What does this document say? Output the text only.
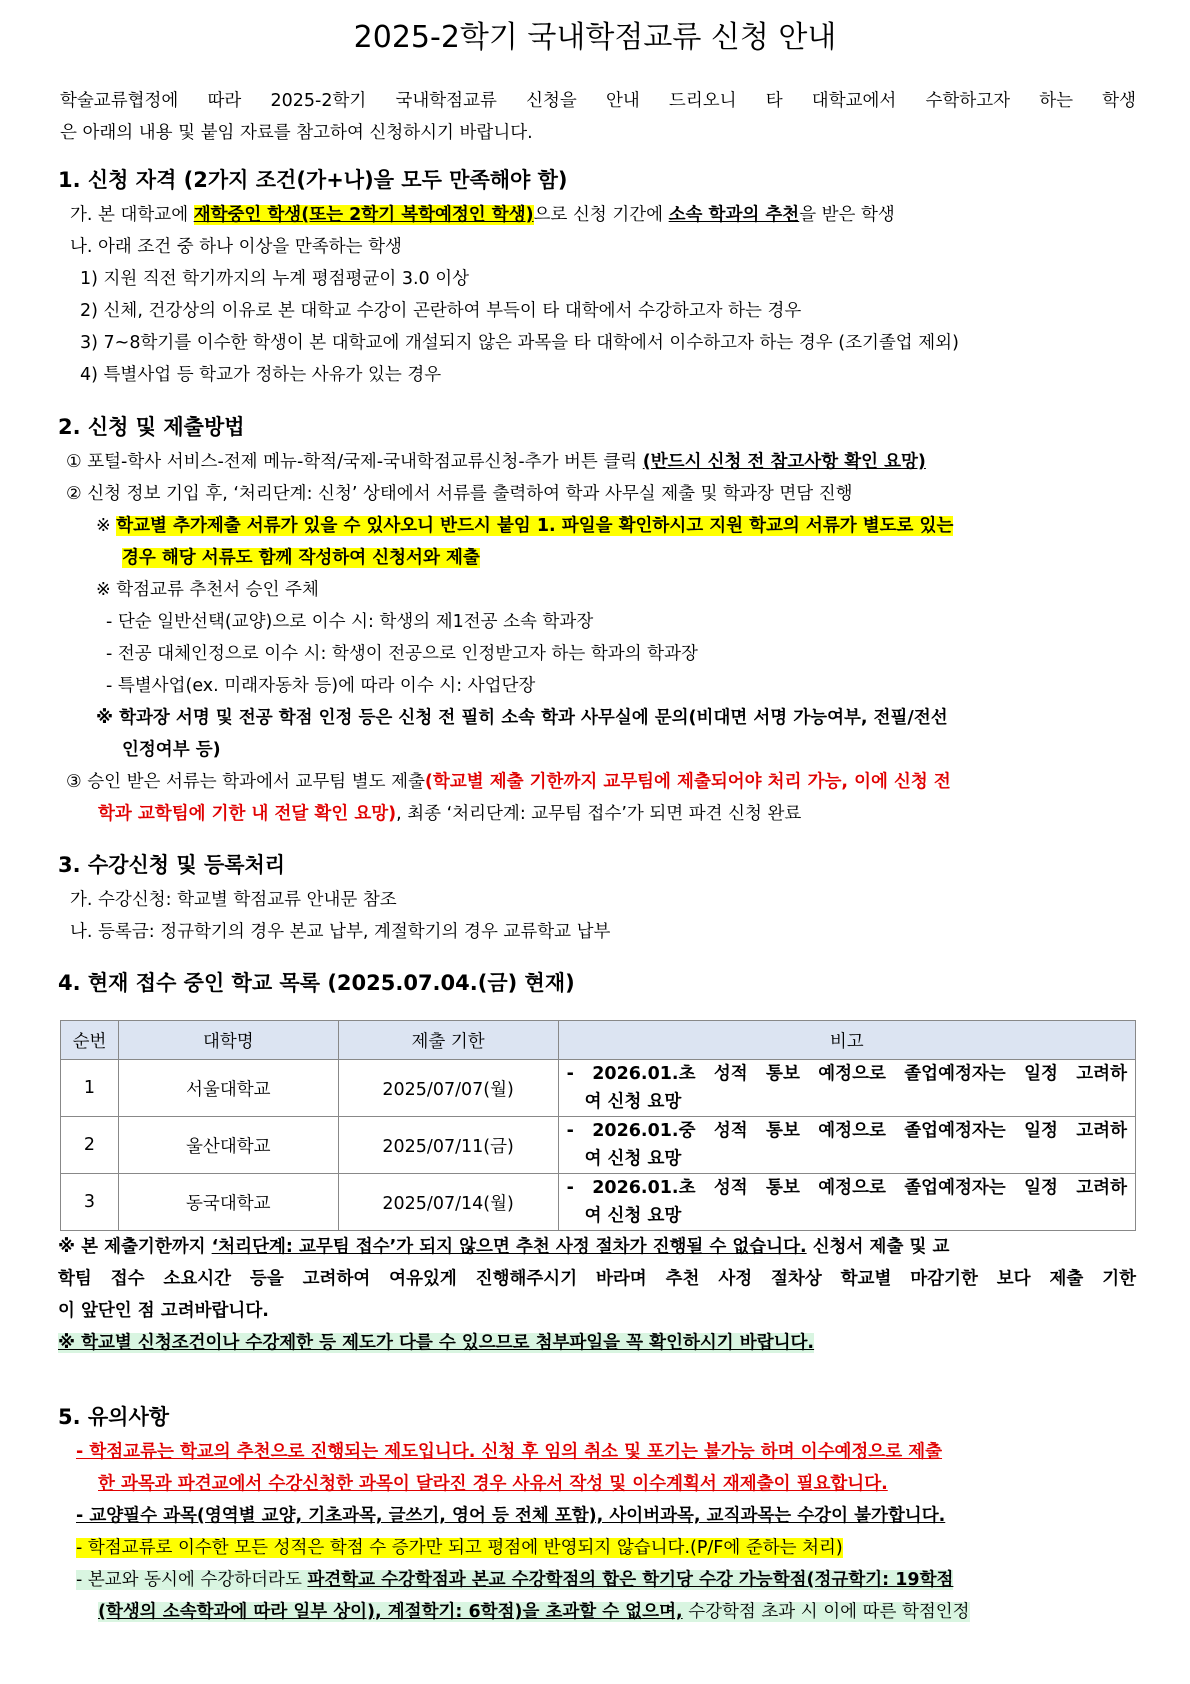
2025-2학기 국내학점교류 신청 안내
학술교류협정에 따라 2025-2학기 국내학점교류 신청을 안내 드리오니 타 대학교에서 수학하고자 하는 학생
은 아래의 내용 및 붙임 자료를 참고하여 신청하시기 바랍니다.
1. 신청 자격 (2가지 조건(가+나)을 모두 만족해야 함)
가. 본 대학교에 재학중인 학생(또는 2학기 복학예정인 학생)으로 신청 기간에 소속 학과의 추천을 받은 학생
나. 아래 조건 중 하나 이상을 만족하는 학생
1) 지원 직전 학기까지의 누계 평점평균이 3.0 이상
2) 신체, 건강상의 이유로 본 대학교 수강이 곤란하여 부득이 타 대학에서 수강하고자 하는 경우
3) 7~8학기를 이수한 학생이 본 대학교에 개설되지 않은 과목을 타 대학에서 이수하고자 하는 경우 (조기졸업 제외)
4) 특별사업 등 학교가 정하는 사유가 있는 경우
2. 신청 및 제출방법
① 포털-학사 서비스-전제 메뉴-학적/국제-국내학점교류신청-추가 버튼 클릭 (반드시 신청 전 참고사항 확인 요망)
② 신청 정보 기입 후, ‘처리단계: 신청’ 상태에서 서류를 출력하여 학과 사무실 제출 및 학과장 면담 진행
※ 학교별 추가제출 서류가 있을 수 있사오니 반드시 붙임 1. 파일을 확인하시고 지원 학교의 서류가 별도로 있는
경우 해당 서류도 함께 작성하여 신청서와 제출
※ 학점교류 추천서 승인 주체
- 단순 일반선택(교양)으로 이수 시: 학생의 제1전공 소속 학과장
- 전공 대체인정으로 이수 시: 학생이 전공으로 인정받고자 하는 학과의 학과장
- 특별사업(ex. 미래자동차 등)에 따라 이수 시: 사업단장
※ 학과장 서명 및 전공 학점 인정 등은 신청 전 필히 소속 학과 사무실에 문의(비대면 서명 가능여부, 전필/전선
인정여부 등)
③ 승인 받은 서류는 학과에서 교무팀 별도 제출(학교별 제출 기한까지 교무팀에 제출되어야 처리 가능, 이에 신청 전
학과 교학팀에 기한 내 전달 확인 요망), 최종 ‘처리단계: 교무팀 접수’가 되면 파견 신청 완료
3. 수강신청 및 등록처리
가. 수강신청: 학교별 학점교류 안내문 참조
나. 등록금: 정규학기의 경우 본교 납부, 계절학기의 경우 교류학교 납부
4. 현재 접수 중인 학교 목록 (2025.07.04.(금) 현재)
순번	대학명	제출 기한	비고
1	서울대학교	2025/07/07(월)	- 2026.01.초 성적 통보 예정으로 졸업예정자는 일정 고려하
여 신청 요망

2	울산대학교	2025/07/11(금)	- 2026.01.중 성적 통보 예정으로 졸업예정자는 일정 고려하
여 신청 요망

3	동국대학교	2025/07/14(월)	- 2026.01.초 성적 통보 예정으로 졸업예정자는 일정 고려하
여 신청 요망
※ 본 제출기한까지 ‘처리단계: 교무팀 접수’가 되지 않으면 추천 사정 절차가 진행될 수 없습니다. 신청서 제출 및 교
학팀 접수 소요시간 등을 고려하여 여유있게 진행해주시기 바라며 추천 사정 절차상 학교별 마감기한 보다 제출 기한
이 앞단인 점 고려바랍니다.
※ 학교별 신청조건이나 수강제한 등 제도가 다를 수 있으므로 첨부파일을 꼭 확인하시기 바랍니다.
5. 유의사항
- 학점교류는 학교의 추천으로 진행되는 제도입니다. 신청 후 임의 취소 및 포기는 불가능 하며 이수예정으로 제출
한 과목과 파견교에서 수강신청한 과목이 달라진 경우 사유서 작성 및 이수계획서 재제출이 필요합니다.
- 교양필수 과목(영역별 교양, 기초과목, 글쓰기, 영어 등 전체 포함), 사이버과목, 교직과목는 수강이 불가합니다.
- 학점교류로 이수한 모든 성적은 학점 수 증가만 되고 평점에 반영되지 않습니다.(P/F에 준하는 처리)
- 본교와 동시에 수강하더라도 파견학교 수강학점과 본교 수강학점의 합은 학기당 수강 가능학점(정규학기: 19학점
(학생의 소속학과에 따라 일부 상이), 계절학기: 6학점)을 초과할 수 없으며, 수강학점 초과 시 이에 따른 학점인정
